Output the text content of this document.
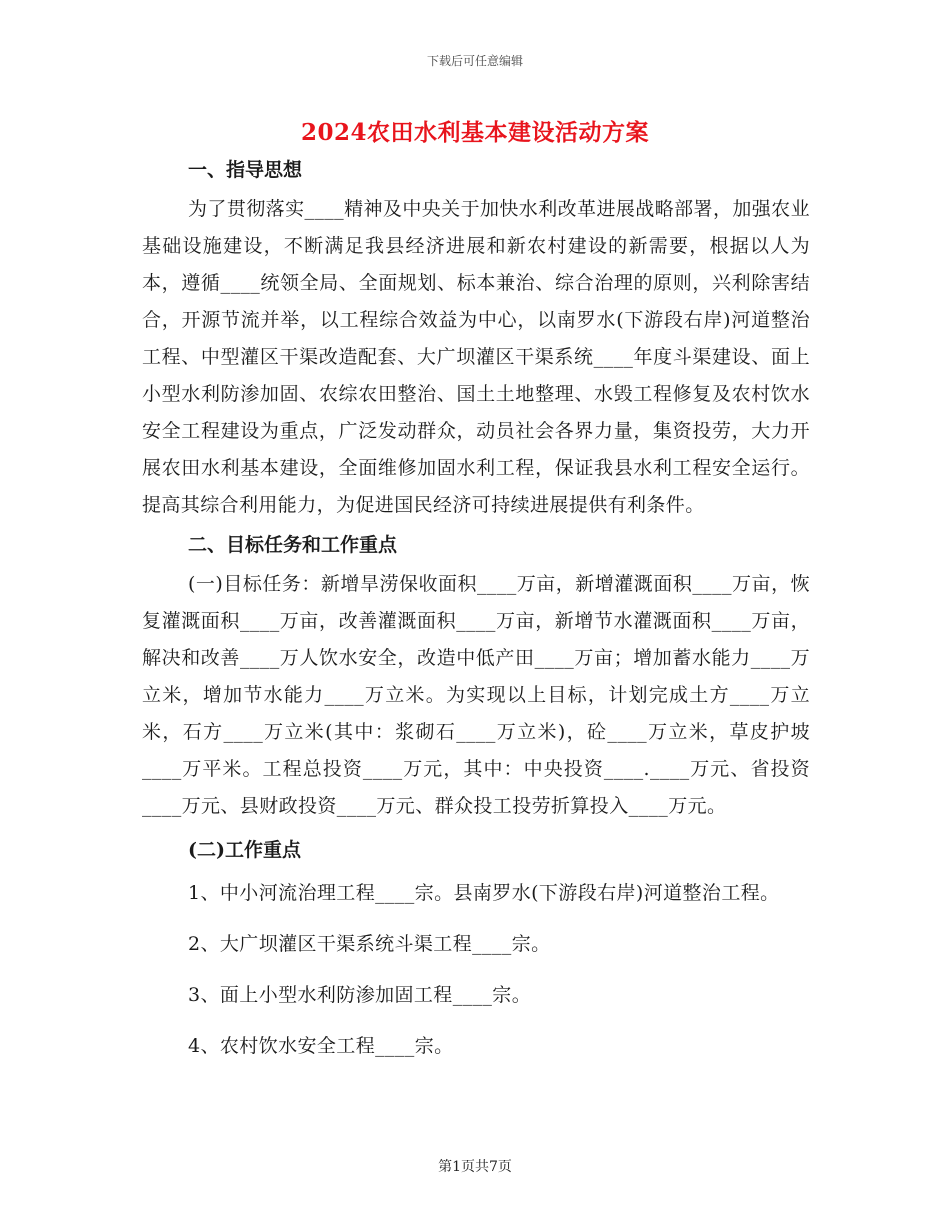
下载后可任意编辑
2024农田水利基本建设活动方案

一、指导思想

为了贯彻落实____精神及中央关于加快水利改革进展战略部署，加强农业基础设施建设，不断满足我县经济进展和新农村建设的新需要，根据以人为本，遵循____统领全局、全面规划、标本兼治、综合治理的原则，兴利除害结合，开源节流并举，以工程综合效益为中心，以南罗水(下游段右岸)河道整治工程、中型灌区干渠改造配套、大广坝灌区干渠系统____年度斗渠建设、面上小型水利防渗加固、农综农田整治、国土土地整理、水毁工程修复及农村饮水安全工程建设为重点，广泛发动群众，动员社会各界力量，集资投劳，大力开展农田水利基本建设，全面维修加固水利工程，保证我县水利工程安全运行。提高其综合利用能力，为促进国民经济可持续进展提供有利条件。

二、目标任务和工作重点

(一)目标任务：新增旱涝保收面积____万亩，新增灌溉面积____万亩，恢复灌溉面积____万亩，改善灌溉面积____万亩，新增节水灌溉面积____万亩，解决和改善____万人饮水安全，改造中低产田____万亩；增加蓄水能力____万立米，增加节水能力____万立米。为实现以上目标，计划完成土方____万立米，石方____万立米(其中：浆砌石____万立米)，砼____万立米，草皮护坡____万平米。工程总投资____万元，其中：中央投资____.____万元、省投资____万元、县财政投资____万元、群众投工投劳折算投入____万元。

(二)工作重点

1、中小河流治理工程____宗。县南罗水(下游段右岸)河道整治工程。

2、大广坝灌区干渠系统斗渠工程____宗。

3、面上小型水利防渗加固工程____宗。

4、农村饮水安全工程____宗。

第1页共7页
